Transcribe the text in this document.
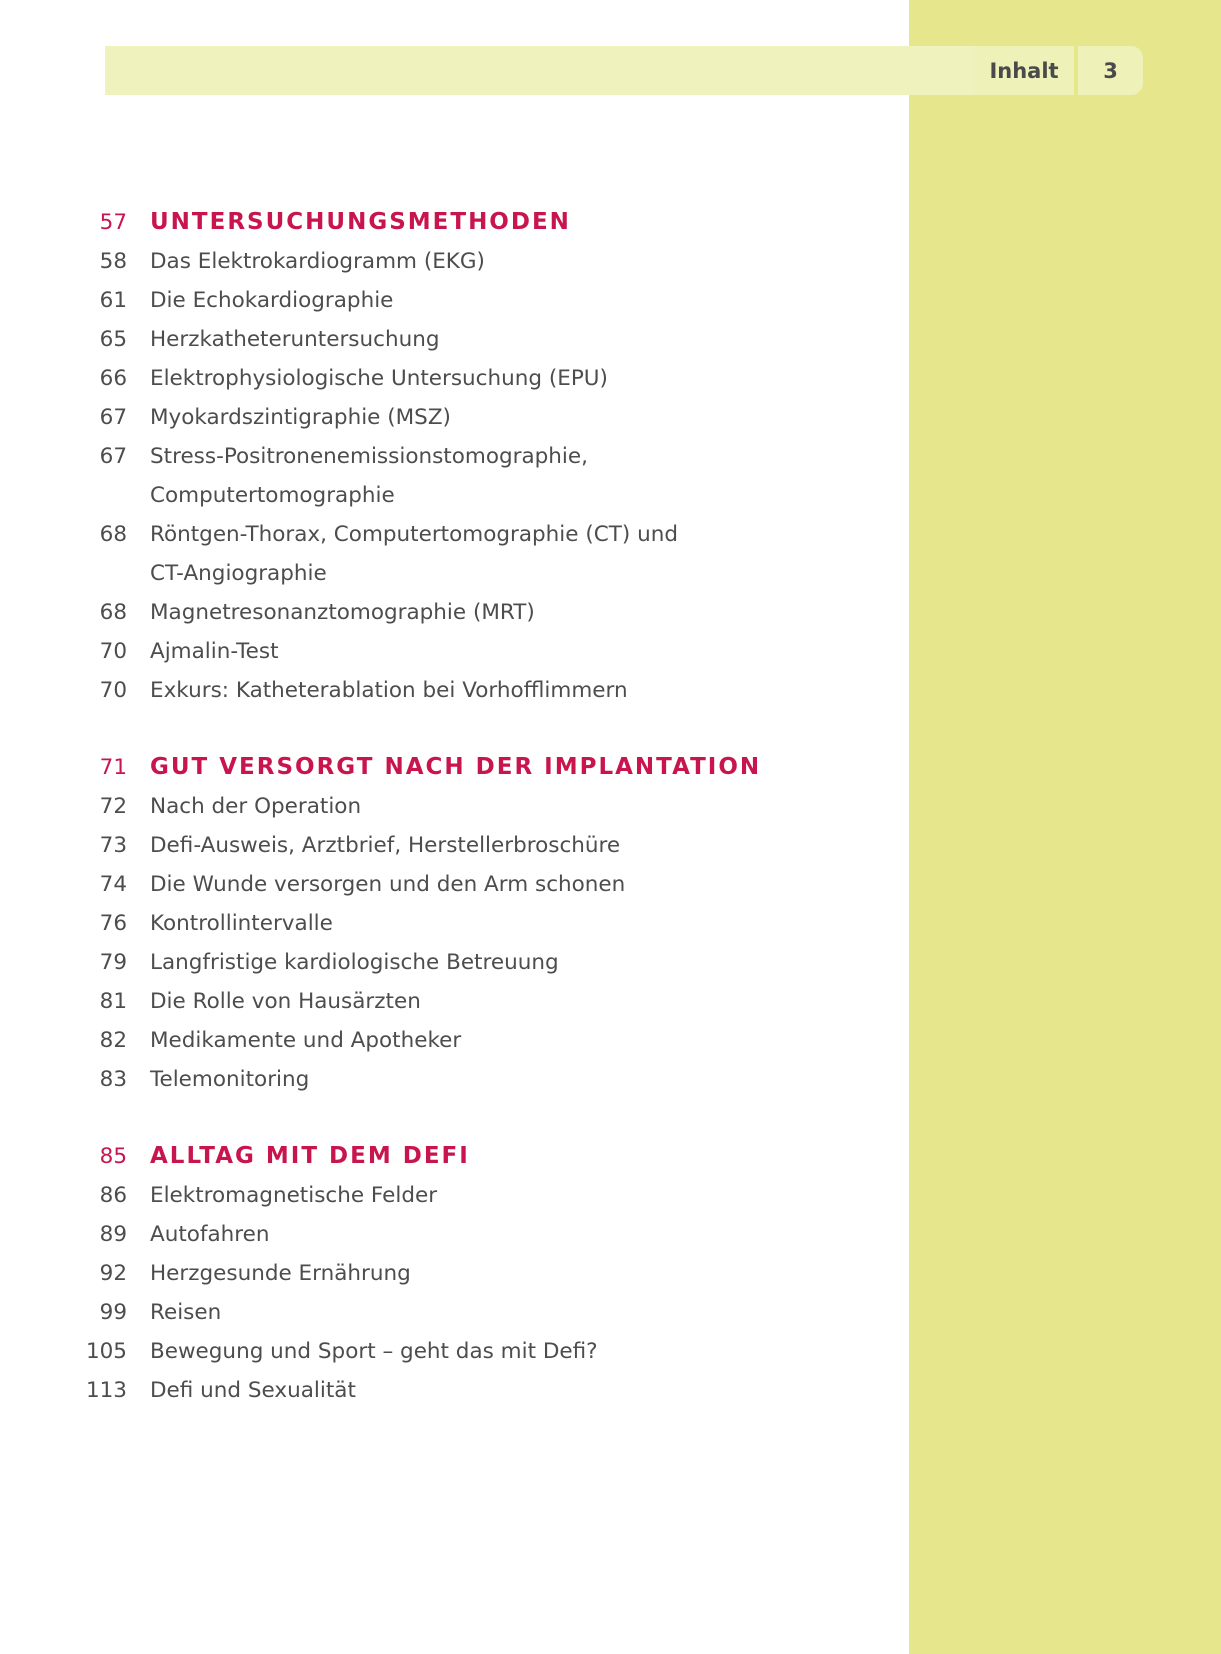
Inhalt	3
57	UNTERSUCHUNGSMETHODEN
58	Das Elektrokardiogramm (EKG)
61	Die Echokardiographie
65	Herzkatheteruntersuchung
66	Elektrophysiologische Untersuchung (EPU)
67	Myokardszintigraphie (MSZ)
67	Stress-Positronenemissionstomographie,
Computertomographie
68	Röntgen-Thorax, Computertomographie (CT) und
CT-Angiographie
68	Magnetresonanztomographie (MRT)
70	Ajmalin-Test
70	Exkurs: Katheterablation bei Vorhofflimmern
71	GUT VERSORGT NACH DER IMPLANTATION
72	Nach der Operation
73	Defi-Ausweis, Arztbrief, Herstellerbroschüre
74	Die Wunde versorgen und den Arm schonen
76	Kontrollintervalle
79	Langfristige kardiologische Betreuung
81	Die Rolle von Hausärzten
82	Medikamente und Apotheker
83	Telemonitoring
85	ALLTAG MIT DEM DEFI
86	Elektromagnetische Felder
89	Autofahren
92	Herzgesunde Ernährung
99	Reisen
105	Bewegung und Sport – geht das mit Defi?
113	Defi und Sexualität
